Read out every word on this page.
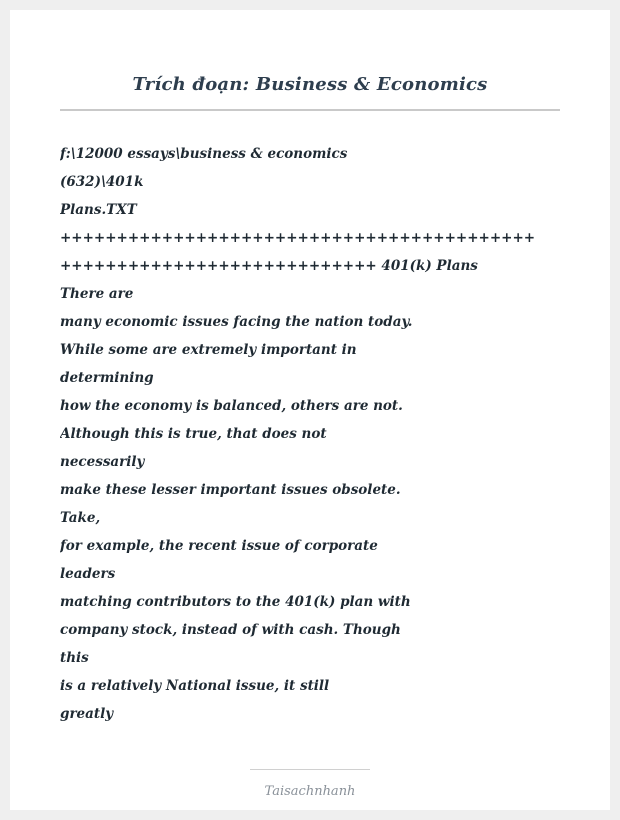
Trích đoạn: Business & Economics
f:\12000 essays\business & economics
(632)\401k
Plans.TXT
++++++++++++++++++++++++++++++++++++++++++
++++++++++++++++++++++++++++ 401(k) Plans
There are
many economic issues facing the nation today.
While some are extremely important in
determining
how the economy is balanced, others are not.
Although this is true, that does not
necessarily
make these lesser important issues obsolete.
Take,
for example, the recent issue of corporate
leaders
matching contributors to the 401(k) plan with
company stock, instead of with cash. Though
this
is a relatively National issue, it still
greatly
Taisachnhanh
